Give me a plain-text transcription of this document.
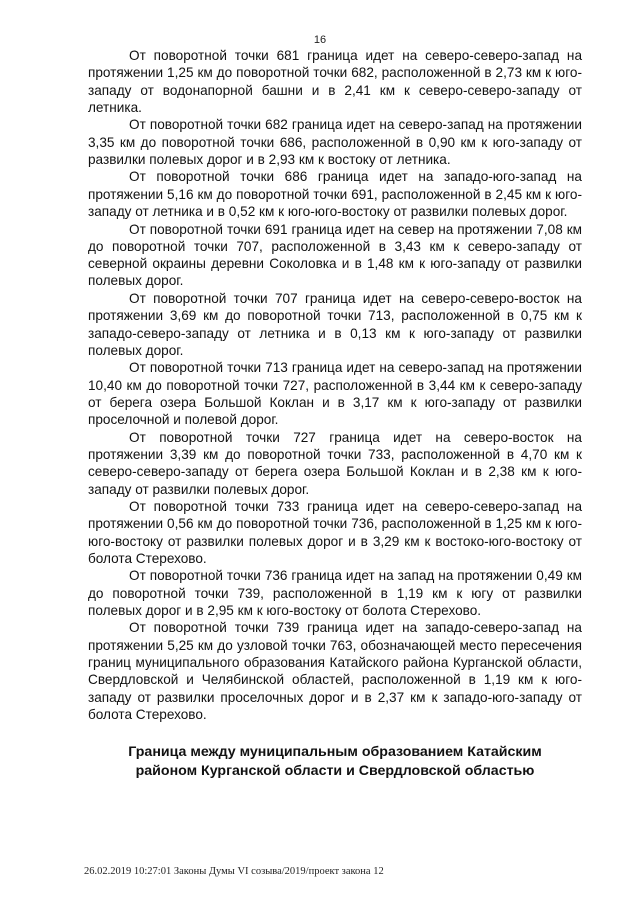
16

От поворотной точки 681 граница идет на северо-северо-запад на протяжении 1,25 км до поворотной точки 682, расположенной в 2,73 км к юго-западу от водонапорной башни и в 2,41 км к северо-северо-западу от летника.

От поворотной точки 682 граница идет на северо-запад на протяжении 3,35 км до поворотной точки 686, расположенной в 0,90 км к юго-западу от развилки полевых дорог и в 2,93 км к востоку от летника.

От поворотной точки 686 граница идет на западо-юго-запад на протяжении 5,16 км до поворотной точки 691, расположенной в 2,45 км к юго-западу от летника и в 0,52 км к юго-юго-востоку от развилки полевых дорог.

От поворотной точки 691 граница идет на север на протяжении 7,08 км до поворотной точки 707, расположенной в 3,43 км к северо-западу от северной окраины деревни Соколовка и в 1,48 км к юго-западу от развилки полевых дорог.

От поворотной точки 707 граница идет на северо-северо-восток на протяжении 3,69 км до поворотной точки 713, расположенной в 0,75 км к западо-северо-западу от летника и в 0,13 км к юго-западу от развилки полевых дорог.

От поворотной точки 713 граница идет на северо-запад на протяжении 10,40 км до поворотной точки 727, расположенной в 3,44 км к северо-западу от берега озера Большой Коклан и в 3,17 км к юго-западу от развилки проселочной и полевой дорог.

От поворотной точки 727 граница идет на северо-восток на протяжении 3,39 км до поворотной точки 733, расположенной в 4,70 км к северо-северо-западу от берега озера Большой Коклан и в 2,38 км к юго-западу от развилки полевых дорог.

От поворотной точки 733 граница идет на северо-северо-запад на протяжении 0,56 км до поворотной точки 736, расположенной в 1,25 км к юго-юго-востоку от развилки полевых дорог и в 3,29 км к востоко-юго-востоку от болота Стерехово.

От поворотной точки 736 граница идет на запад на протяжении 0,49 км до поворотной точки 739, расположенной в 1,19 км к югу от развилки полевых дорог и в 2,95 км к юго-востоку от болота Стерехово.

От поворотной точки 739 граница идет на западо-северо-запад на протяжении 5,25 км до узловой точки 763, обозначающей место пересечения границ муниципального образования Катайского района Курганской области, Свердловской и Челябинской областей, расположенной в 1,19 км к юго-западу от развилки проселочных дорог и в 2,37 км к западо-юго-западу от болота Стерехово.

Граница между муниципальным образованием Катайским районом Курганской области и Свердловской областью
26.02.2019 10:27:01 Законы Думы VI созыва/2019/проект закона 12
